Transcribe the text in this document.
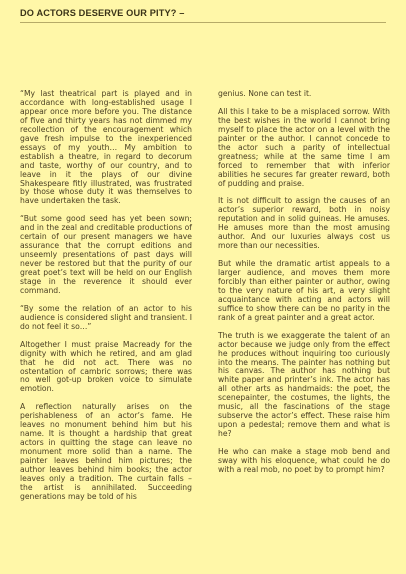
DO ACTORS DESERVE OUR PITY? –

“My last theatrical part is played and in accordance with long-established usage I appear once more before you. The distance of five and thirty years has not dimmed my recollection of the encouragement which gave fresh impulse to the inexperienced essays of my youth… My ambition to establish a theatre, in regard to decorum and taste, worthy of our country, and to leave in it the plays of our divine Shakespeare fitly illustrated, was frustrated by those whose duty it was themselves to have undertaken the task.

“But some good seed has yet been sown; and in the zeal and creditable productions of certain of our present managers we have assurance that the corrupt editions and unseemly presentations of past days will never be restored but that the purity of our great poet’s text will be held on our English stage in the reverence it should ever command.

“By some the relation of an actor to his audience is considered slight and transient. I do not feel it so…”

Altogether I must praise Macready for the dignity with which he retired, and am glad that he did not act. There was no ostentation of cambric sorrows; there was no well got-up broken voice to simulate emotion.

A reflection naturally arises on the perishableness of an actor’s fame. He leaves no monument behind him but his name. It is thought a hardship that great actors in quitting the stage can leave no monument more solid than a name. The painter leaves behind him pictures; the author leaves behind him books; the actor leaves only a tradition. The curtain falls – the artist is annihilated. Succeeding generations may be told of his

genius. None can test it.

All this I take to be a misplaced sorrow. With the best wishes in the world I cannot bring myself to place the actor on a level with the painter or the author. I cannot concede to the actor such a parity of intellectual greatness; while at the same time I am forced to remember that with inferior abilities he secures far greater reward, both of pudding and praise.

It is not difficult to assign the causes of an actor’s superior reward, both in noisy reputation and in solid guineas. He amuses. He amuses more than the most amusing author. And our luxuries always cost us more than our necessities.

But while the dramatic artist appeals to a larger audience, and moves them more forcibly than either painter or author, owing to the very nature of his art, a very slight acquaintance with acting and actors will suffice to show there can be no parity in the rank of a great painter and a great actor.

The truth is we exaggerate the talent of an actor because we judge only from the effect he produces without inquiring too curiously into the means. The painter has nothing but his canvas. The author has nothing but white paper and printer’s ink. The actor has all other arts as handmaids: the poet, the scenepainter, the costumes, the lights, the music, all the fascinations of the stage subserve the actor’s effect. These raise him upon a pedestal; remove them and what is he?

He who can make a stage mob bend and sway with his eloquence, what could he do with a real mob, no poet by to prompt him?
